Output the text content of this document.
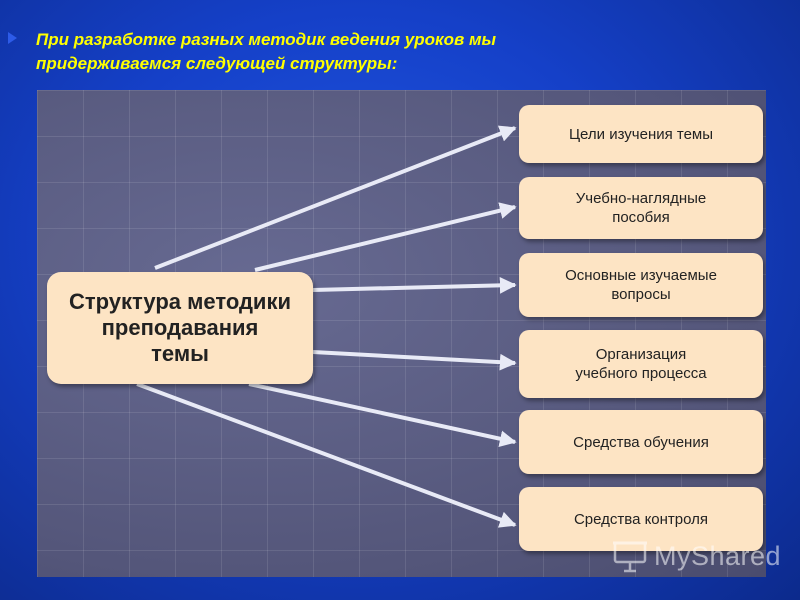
При разработке разных методик ведения уроков мы
придерживаемся следующей структуры:
Структура методики
преподавания
темы
Цели изучения темы
Учебно-наглядные
пособия
Основные изучаемые
вопросы
Организация
учебного процесса
Средства обучения
Средства контроля
MyShared
